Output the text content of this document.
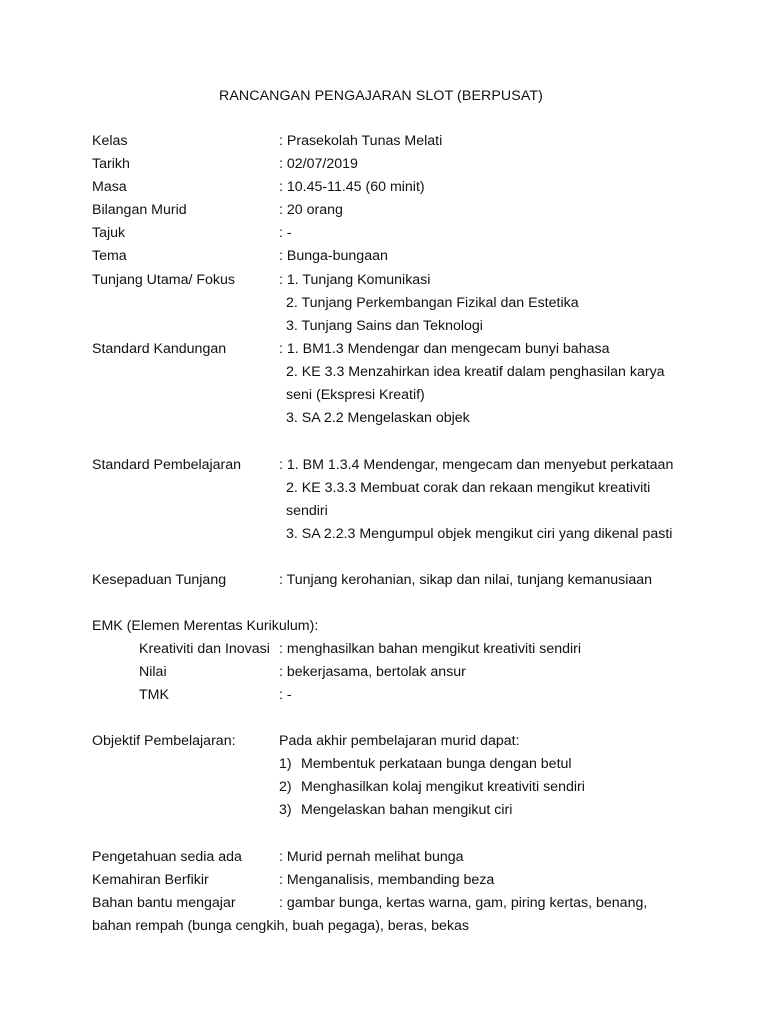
RANCANGAN PENGAJARAN SLOT (BERPUSAT)
Kelas	: Prasekolah Tunas Melati
Tarikh	: 02/07/2019
Masa	: 10.45-11.45 (60 minit)
Bilangan Murid	: 20 orang
Tajuk	: -
Tema	: Bunga-bungaan
Tunjang Utama/ Fokus	: 1. Tunjang Komunikasi
2. Tunjang Perkembangan Fizikal dan Estetika
3. Tunjang Sains dan Teknologi
Standard Kandungan	: 1. BM1.3 Mendengar dan mengecam bunyi bahasa
2. KE 3.3 Menzahirkan idea kreatif dalam penghasilan karya
seni (Ekspresi Kreatif)
3. SA 2.2 Mengelaskan objek
Standard Pembelajaran	: 1. BM 1.3.4 Mendengar, mengecam dan menyebut perkataan
2. KE 3.3.3 Membuat corak dan rekaan mengikut kreativiti
sendiri
3. SA 2.2.3 Mengumpul objek mengikut ciri yang dikenal pasti
Kesepaduan Tunjang	: Tunjang kerohanian, sikap dan nilai, tunjang kemanusiaan
EMK (Elemen Merentas Kurikulum):
Kreativiti dan Inovasi : menghasilkan bahan mengikut kreativiti sendiri
Nilai	: bekerjasama, bertolak ansur
TMK	: -
Objektif Pembelajaran:	Pada akhir pembelajaran murid dapat:
1) Membentuk perkataan bunga dengan betul
2) Menghasilkan kolaj mengikut kreativiti sendiri
3) Mengelaskan bahan mengikut ciri
Pengetahuan sedia ada	: Murid pernah melihat bunga
Kemahiran Berfikir	: Menganalisis, membanding beza
Bahan bantu mengajar	: gambar bunga, kertas warna, gam, piring kertas, benang,
bahan rempah (bunga cengkih, buah pegaga), beras, bekas
